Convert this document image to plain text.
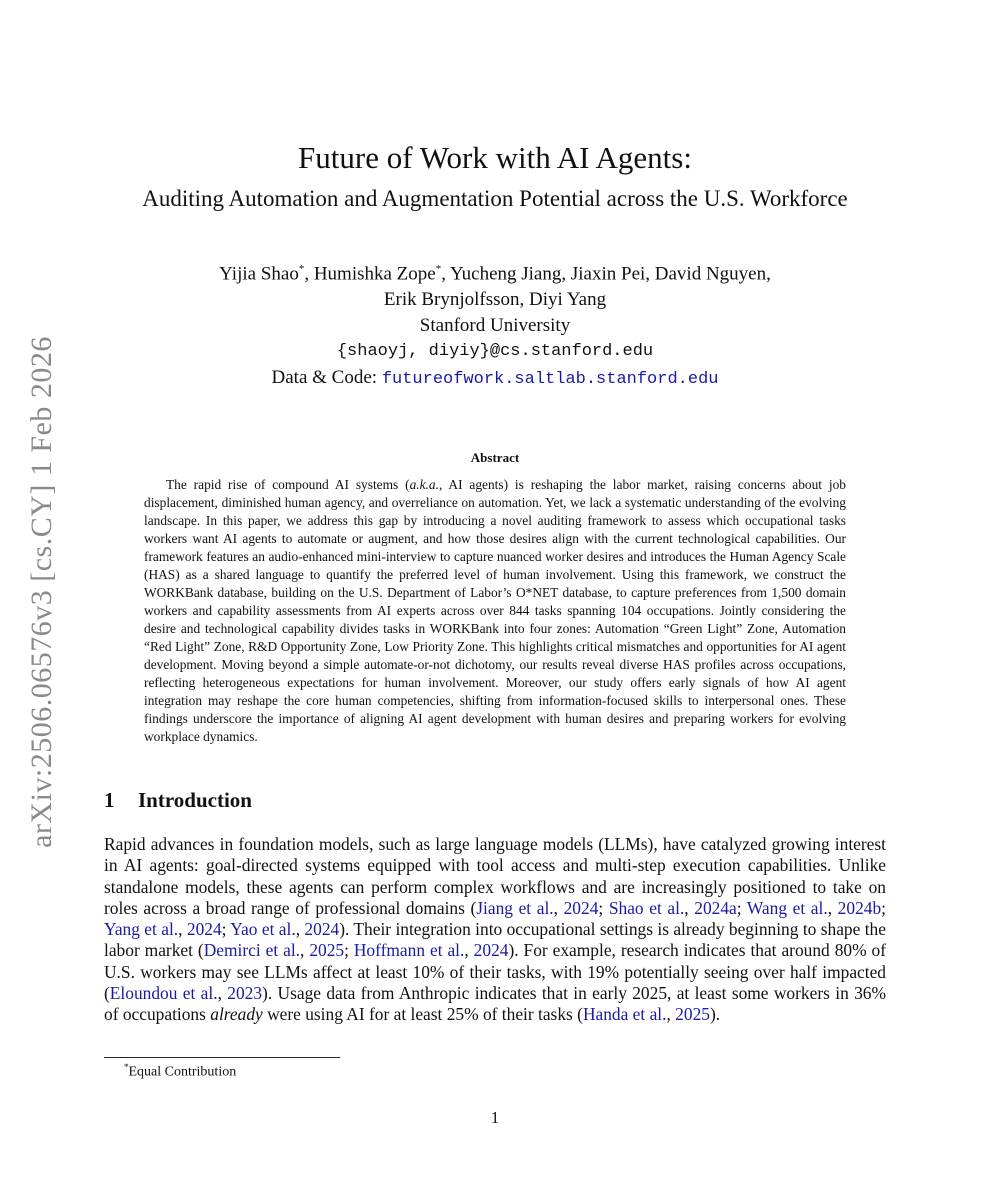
arXiv:2506.06576v3 [cs.CY] 1 Feb 2026
Future of Work with AI Agents:
Auditing Automation and Augmentation Potential across the U.S. Workforce
Yijia Shao*, Humishka Zope*, Yucheng Jiang, Jiaxin Pei, David Nguyen,
Erik Brynjolfsson, Diyi Yang
Stanford University
{shaoyj, diyiy}@cs.stanford.edu
Data & Code: futureofwork.saltlab.stanford.edu
Abstract

The rapid rise of compound AI systems (a.k.a., AI agents) is reshaping the labor market, raising concerns about job displacement, diminished human agency, and overreliance on automation. Yet, we lack a systematic understanding of the evolving landscape. In this paper, we address this gap by introducing a novel auditing framework to assess which occupational tasks workers want AI agents to automate or augment, and how those desires align with the current technological capabilities. Our framework features an audio-enhanced mini-interview to capture nuanced worker desires and introduces the Human Agency Scale (HAS) as a shared language to quantify the preferred level of human involvement. Using this framework, we construct the WORKBank database, building on the U.S. Department of Labor’s O*NET database, to capture preferences from 1,500 domain workers and capability assessments from AI experts across over 844 tasks spanning 104 occupations. Jointly considering the desire and technological capability divides tasks in WORKBank into four zones: Automation “Green Light” Zone, Automation “Red Light” Zone, R&D Opportunity Zone, Low Priority Zone. This highlights critical mismatches and opportunities for AI agent development. Moving beyond a simple automate-or-not dichotomy, our results reveal diverse HAS profiles across occupations, reflecting heterogeneous expectations for human involvement. Moreover, our study offers early signals of how AI agent integration may reshape the core human competencies, shifting from information-focused skills to interpersonal ones. These findings underscore the importance of aligning AI agent development with human desires and preparing workers for evolving workplace dynamics.

1 Introduction

Rapid advances in foundation models, such as large language models (LLMs), have catalyzed growing interest in AI agents: goal-directed systems equipped with tool access and multi-step execution capabilities. Unlike standalone models, these agents can perform complex workflows and are increasingly positioned to take on roles across a broad range of professional domains (Jiang et al., 2024; Shao et al., 2024a; Wang et al., 2024b; Yang et al., 2024; Yao et al., 2024). Their integration into occupational settings is already beginning to shape the labor market (Demirci et al., 2025; Hoffmann et al., 2024). For example, research indicates that around 80% of U.S. workers may see LLMs affect at least 10% of their tasks, with 19% potentially seeing over half impacted (Eloundou et al., 2023). Usage data from Anthropic indicates that in early 2025, at least some workers in 36% of occupations already were using AI for at least 25% of their tasks (Handa et al., 2025).

*Equal Contribution
1
